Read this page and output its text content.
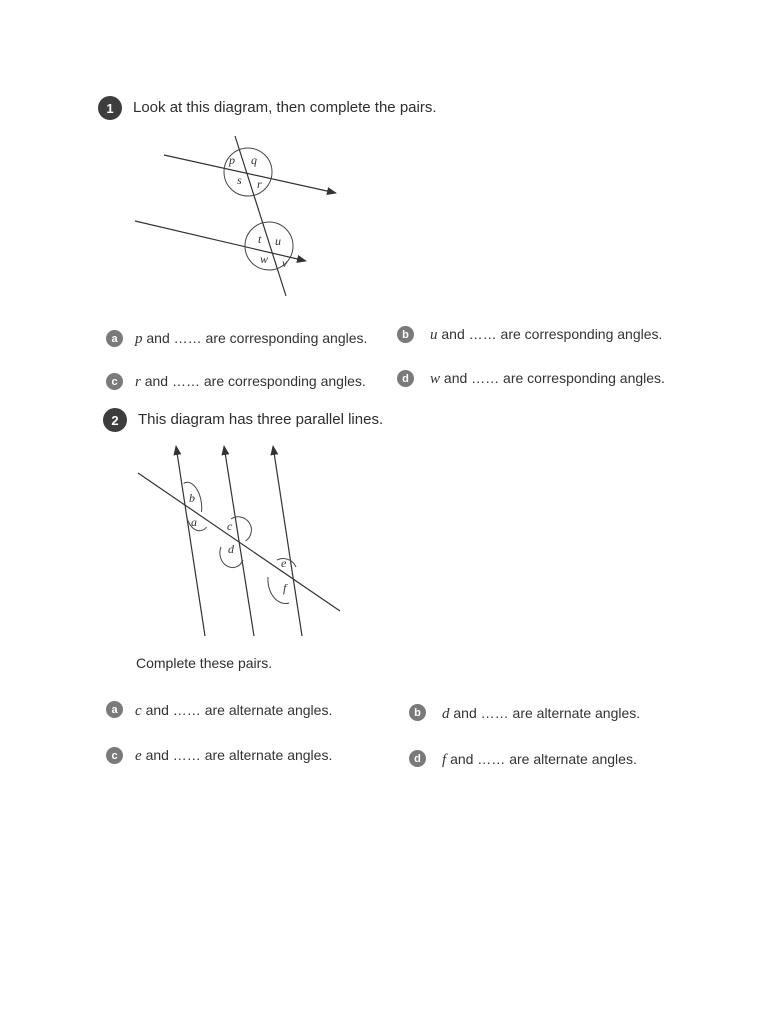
1 Look at this diagram, then complete the pairs.
p q
s r
t u
w v
b
a	c
d
e
f
a p and …… are corresponding angles.	b u and …… are corresponding angles.
c r and …… are corresponding angles.	d w and …… are corresponding angles.
2 This diagram has three parallel lines.
Complete these pairs.
a c and …… are alternate angles.	b d and …… are alternate angles.
c e and …… are alternate angles.	d f and …… are alternate angles.
